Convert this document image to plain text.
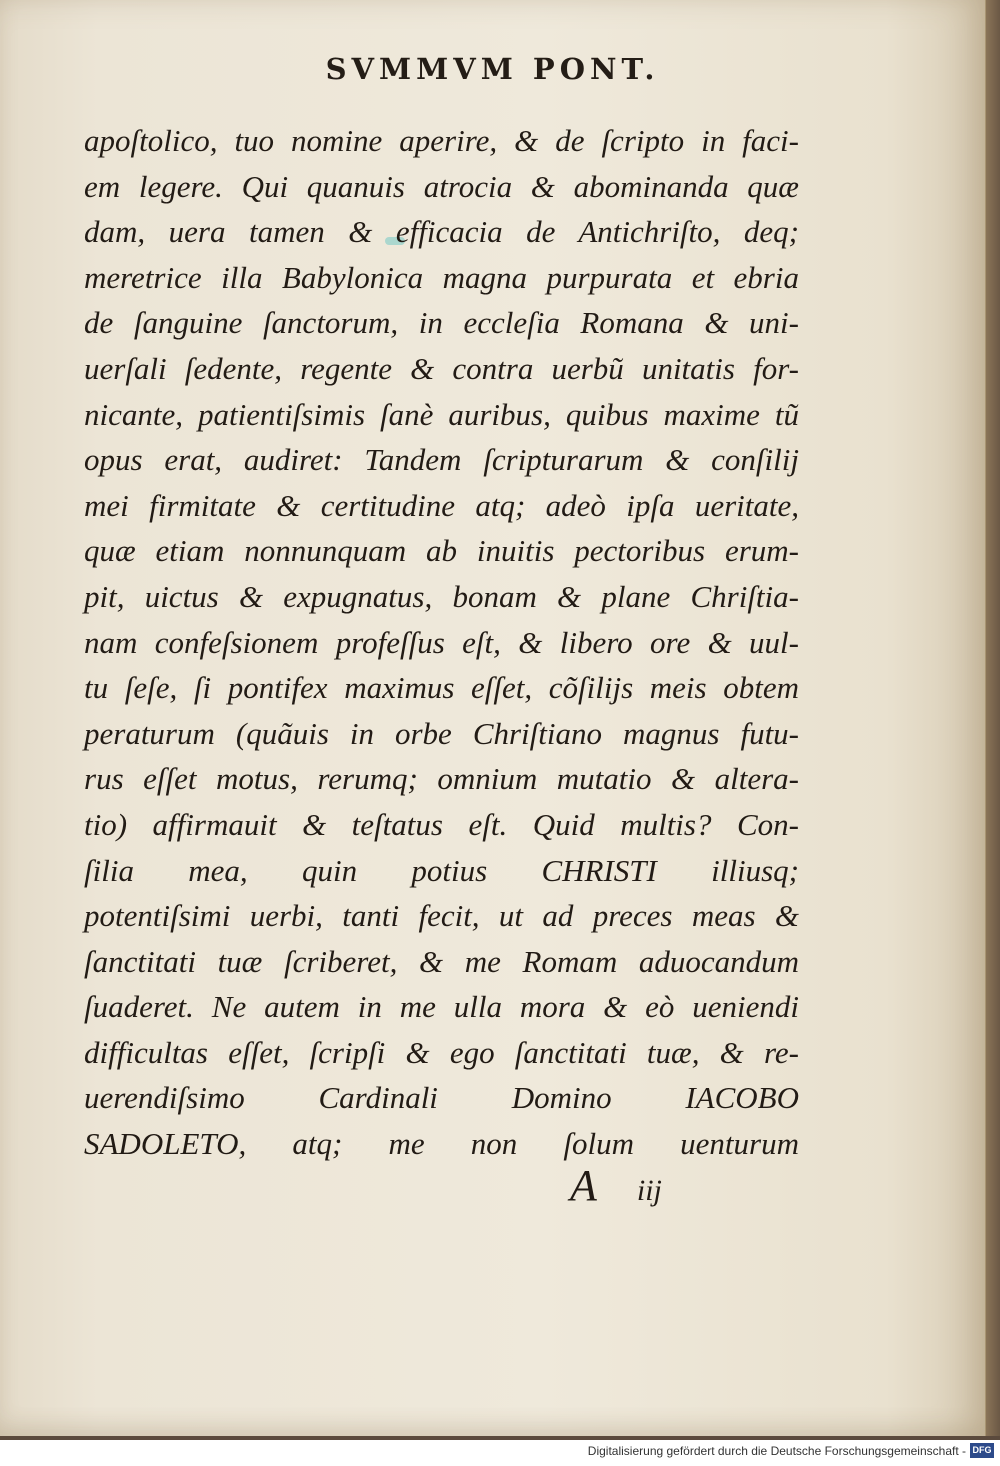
SVMMVM PONT.
apoſtolico, tuo nomine aperire, & de ſcripto in faci-
em legere. Qui quanuis atrocia & abominanda quæ
dam, uera tamen & efficacia de Antichriſto, deq;
meretrice illa Babylonica magna purpurata et ebria
de ſanguine ſanctorum, in eccleſia Romana & uni-
uerſali ſedente, regente & contra uerbũ unitatis for-
nicante, patientiſsimis ſanè auribus, quibus maxime tũ
opus erat, audiret: Tandem ſcripturarum & conſilij
mei firmitate & certitudine atq; adeò ipſa ueritate,
quæ etiam nonnunquam ab inuitis pectoribus erum-
pit, uictus & expugnatus, bonam & plane Chriſtia-
nam confeſsionem profeſſus eſt, & libero ore & uul-
tu ſeſe, ſi pontifex maximus eſſet, cõſilijs meis obtem
peraturum (quãuis in orbe Chriſtiano magnus futu-
rus eſſet motus, rerumq; omnium mutatio & altera-
tio) affirmauit & teſtatus eſt. Quid multis? Con-
ſilia mea, quin potius CHRISTI illiusq;
potentiſsimi uerbi, tanti fecit, ut ad preces meas &
ſanctitati tuæ ſcriberet, & me Romam aduocandum
ſuaderet. Ne autem in me ulla mora & eò ueniendi
difficultas eſſet, ſcripſi & ego ſanctitati tuæ, & re-
uerendiſsimo Cardinali Domino IACOBO
SADOLETO, atq; me non ſolum uenturum
A iij
Digitalisierung gefördert durch die Deutsche Forschungsgemeinschaft - DFG
